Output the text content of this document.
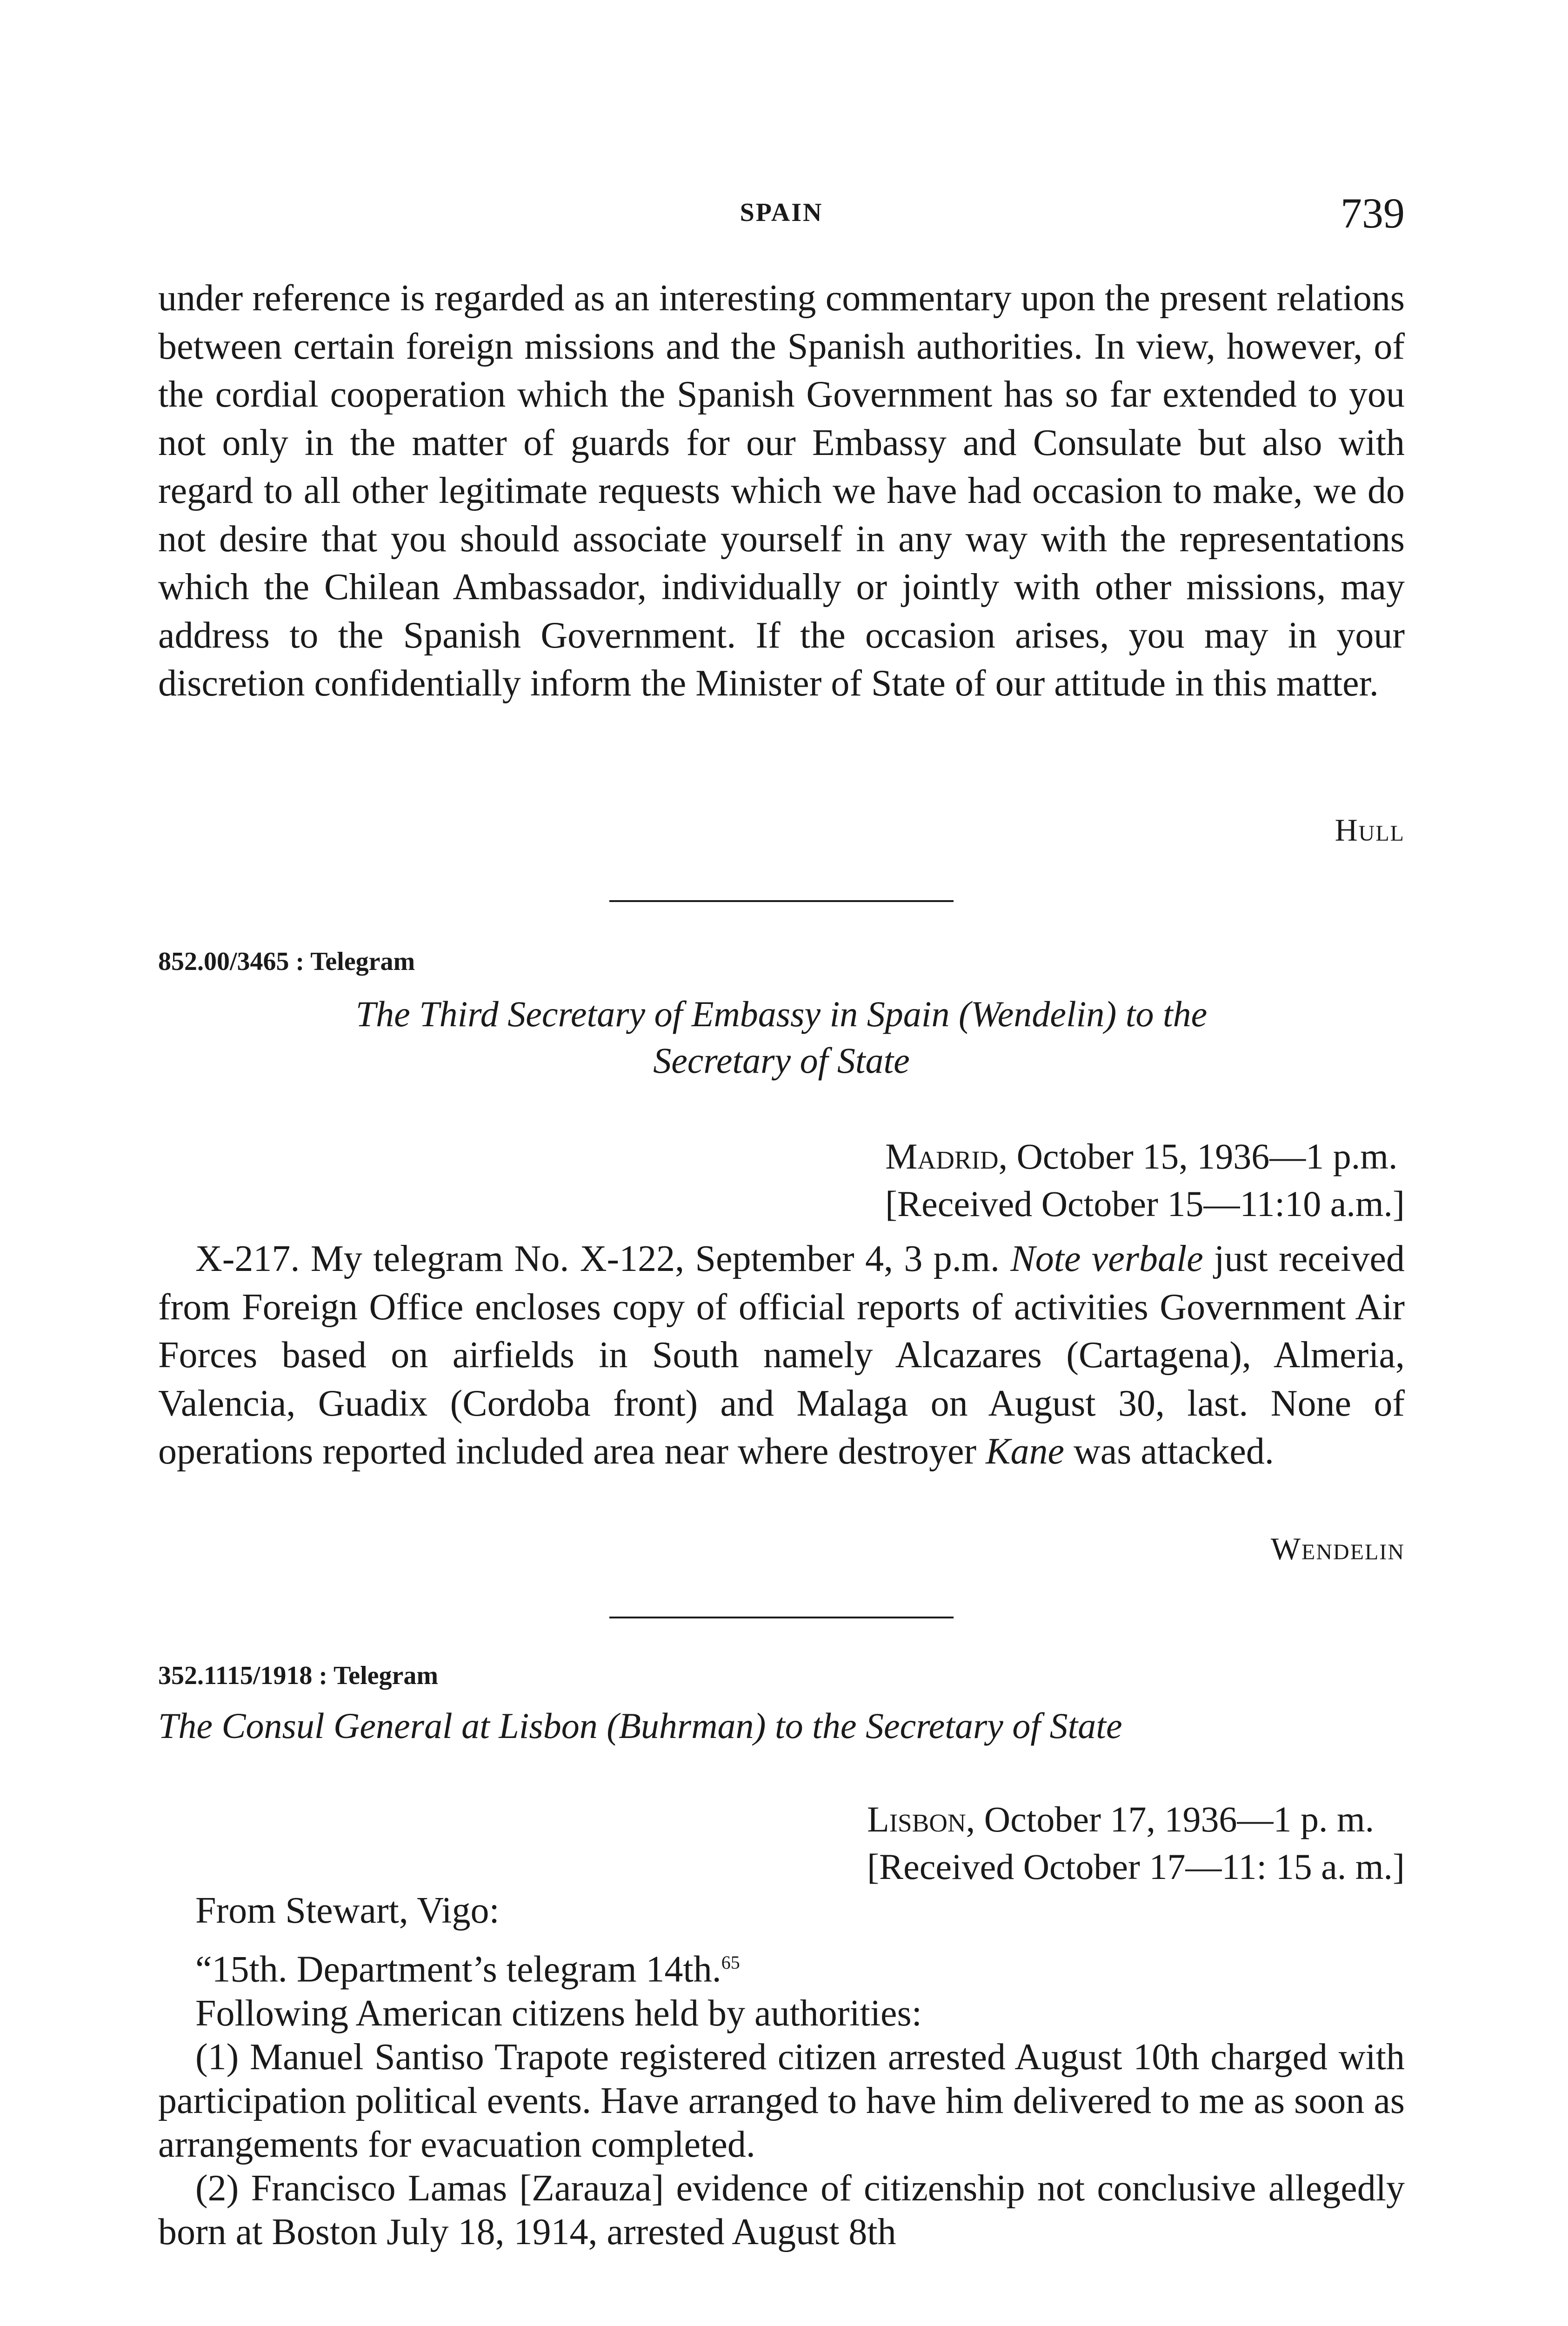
SPAIN	739

under reference is regarded as an interesting commentary upon the present relations between certain foreign missions and the Spanish authorities. In view, however, of the cordial cooperation which the Spanish Government has so far extended to you not only in the matter of guards for our Embassy and Consulate but also with regard to all other legitimate requests which we have had occasion to make, we do not desire that you should associate yourself in any way with the representations which the Chilean Ambassador, individually or jointly with other missions, may address to the Spanish Government. If the occasion arises, you may in your discretion confidentially inform the Minister of State of our attitude in this matter.

Hull
852.00/3465 : Telegram
The Third Secretary of Embassy in Spain (Wendelin) to the
Secretary of State
Madrid, October 15, 1936—1 p.m.
[Received October 15—11:10 a.m.]

X-217. My telegram No. X-122, September 4, 3 p.m. Note verbale just received from Foreign Office encloses copy of official reports of activities Government Air Forces based on airfields in South namely Alcazares (Cartagena), Almeria, Valencia, Guadix (Cordoba front) and Malaga on August 30, last. None of operations reported included area near where destroyer Kane was attacked.

Wendelin
352.1115/1918 : Telegram
The Consul General at Lisbon (Buhrman) to the Secretary of State
Lisbon, October 17, 1936—1 p. m.
[Received October 17—11: 15 a. m.]

From Stewart, Vigo:

“15th. Department’s telegram 14th.$^{65}$

Following American citizens held by authorities:

(1) Manuel Santiso Trapote registered citizen arrested August 10th charged with participation political events. Have arranged to have him delivered to me as soon as arrangements for evacuation completed.

(2) Francisco Lamas [Zarauza] evidence of citizenship not conclusive allegedly born at Boston July 18, 1914, arrested August 8th
